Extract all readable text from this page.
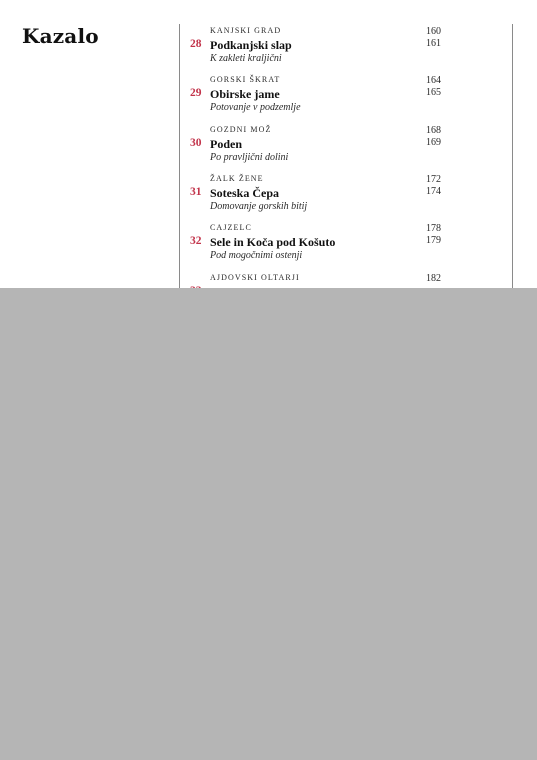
Kazalo	KANJSKI GRAD	160
28 Podkanjski slap	161
K zakleti kraljični
GORSKI ŠKRAT	164
29 Obirske jame	165
Potovanje v podzemlje
GOZDNI MOŽ	168
30 Poden	169
Po pravljični dolini
ŽALK ŽENE	172
31 Soteska Čepa	174
Domovanje gorskih bitij
CAJZELC	178
32 Sele in Koča pod Košuto	179
Pod mogočnimi ostenji
AJDOVSKI OLTARJI	182
